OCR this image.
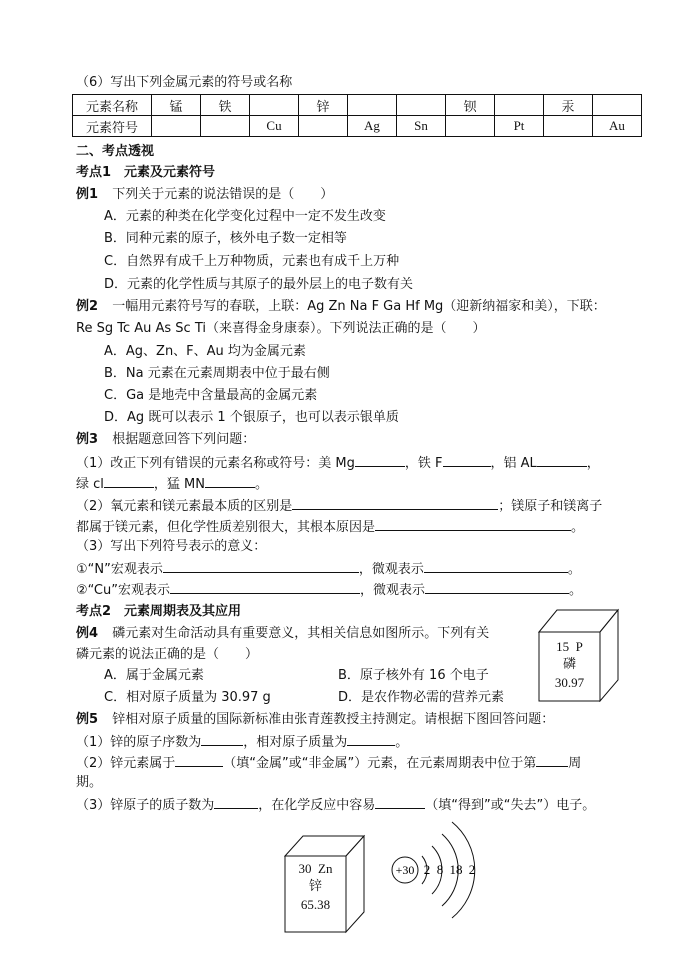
（6）写出下列金属元素的符号或名称
元素名称	锰	铁		锌			钡		汞	
元素符号			Cu		Ag	Sn		Pt		Au
二、考点透视
考点1　元素及元素符号
例1 下列关于元素的说法错误的是（　　）
A．元素的种类在化学变化过程中一定不发生改变
B．同种元素的原子，核外电子数一定相等
C．自然界有成千上万种物质，元素也有成千上万种
D．元素的化学性质与其原子的最外层上的电子数有关
例2 一幅用元素符号写的春联，上联：Ag Zn Na F Ga Hf Mg（迎新纳福家和美），下联：
Re Sg Tc Au As Sc Ti（来喜得金身康泰）。下列说法正确的是（　　）
A．Ag、Zn、F、Au 均为金属元素
B．Na 元素在元素周期表中位于最右侧
C．Ga 是地壳中含量最高的金属元素
D．Ag 既可以表示 1 个银原子，也可以表示银单质
例3 根据题意回答下列问题：
（1）改正下列有错误的元素名称或符号：美 Mg	，铁 F	，铝 AL	，
绿 cl	，猛 MN	。
（2）氧元素和镁元素最本质的区别是	；镁原子和镁离子
都属于镁元素，但化学性质差别很大，其根本原因是	。
（3）写出下列符号表示的意义：
①“N”宏观表示	，微观表示	。
②“Cu”宏观表示	，微观表示	。
考点2　元素周期表及其应用
例4 磷元素对生命活动具有重要意义，其相关信息如图所示。下列有关
磷元素的说法正确的是（　　）
A．属于金属元素	B．原子核外有 16 个电子
C．相对原子质量为 30.97 g	D．是农作物必需的营养元素
15 P
磷
30.97
例5 锌相对原子质量的国际新标准由张青莲教授主持测定。请根据下图回答问题：
（1）锌的原子序数为	，相对原子质量为	。
（2）锌元素属于	（填“金属”或“非金属”）元素，在元素周期表中位于第 周
期。
（3）锌原子的质子数为	，在化学反应中容易	（填“得到”或“失去”）电子。
30 Zn
锌
65.38
+30 2 8 18 2
